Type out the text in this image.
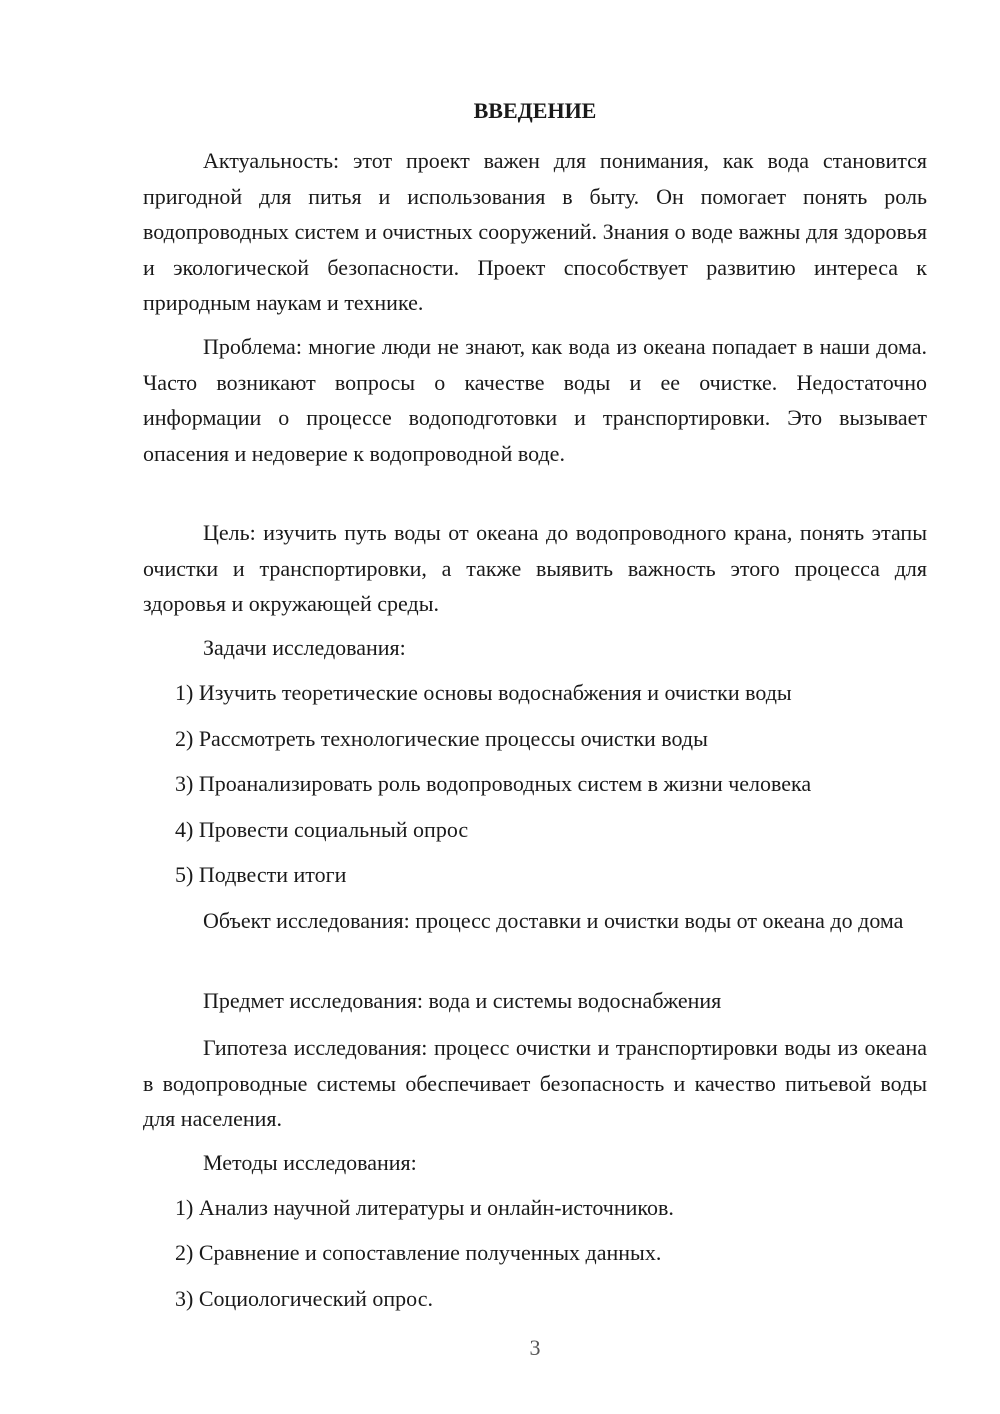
ВВЕДЕНИЕ

Актуальность: этот проект важен для понимания, как вода становится пригодной для питья и использования в быту. Он помогает понять роль водопроводных систем и очистных сооружений. Знания о воде важны для здоровья и экологической безопасности. Проект способствует развитию интереса к природным наукам и технике.

Проблема: многие люди не знают, как вода из океана попадает в наши дома. Часто возникают вопросы о качестве воды и ее очистке. Недостаточно информации о процессе водоподготовки и транспортировки. Это вызывает опасения и недоверие к водопроводной воде.

Цель: изучить путь воды от океана до водопроводного крана, понять этапы очистки и транспортировки, а также выявить важность этого процесса для здоровья и окружающей среды.

Задачи исследования:
1) Изучить теоретические основы водоснабжения и очистки воды
2) Рассмотреть технологические процессы очистки воды
3) Проанализировать роль водопроводных систем в жизни человека
4) Провести социальный опрос
5) Подвести итоги

Объект исследования: процесс доставки и очистки воды от океана до дома

Предмет исследования: вода и системы водоснабжения

Гипотеза исследования: процесс очистки и транспортировки воды из океана в водопроводные системы обеспечивает безопасность и качество питьевой воды для населения.

Методы исследования:
1) Анализ научной литературы и онлайн-источников.
2) Сравнение и сопоставление полученных данных.
3) Социологический опрос.
3
